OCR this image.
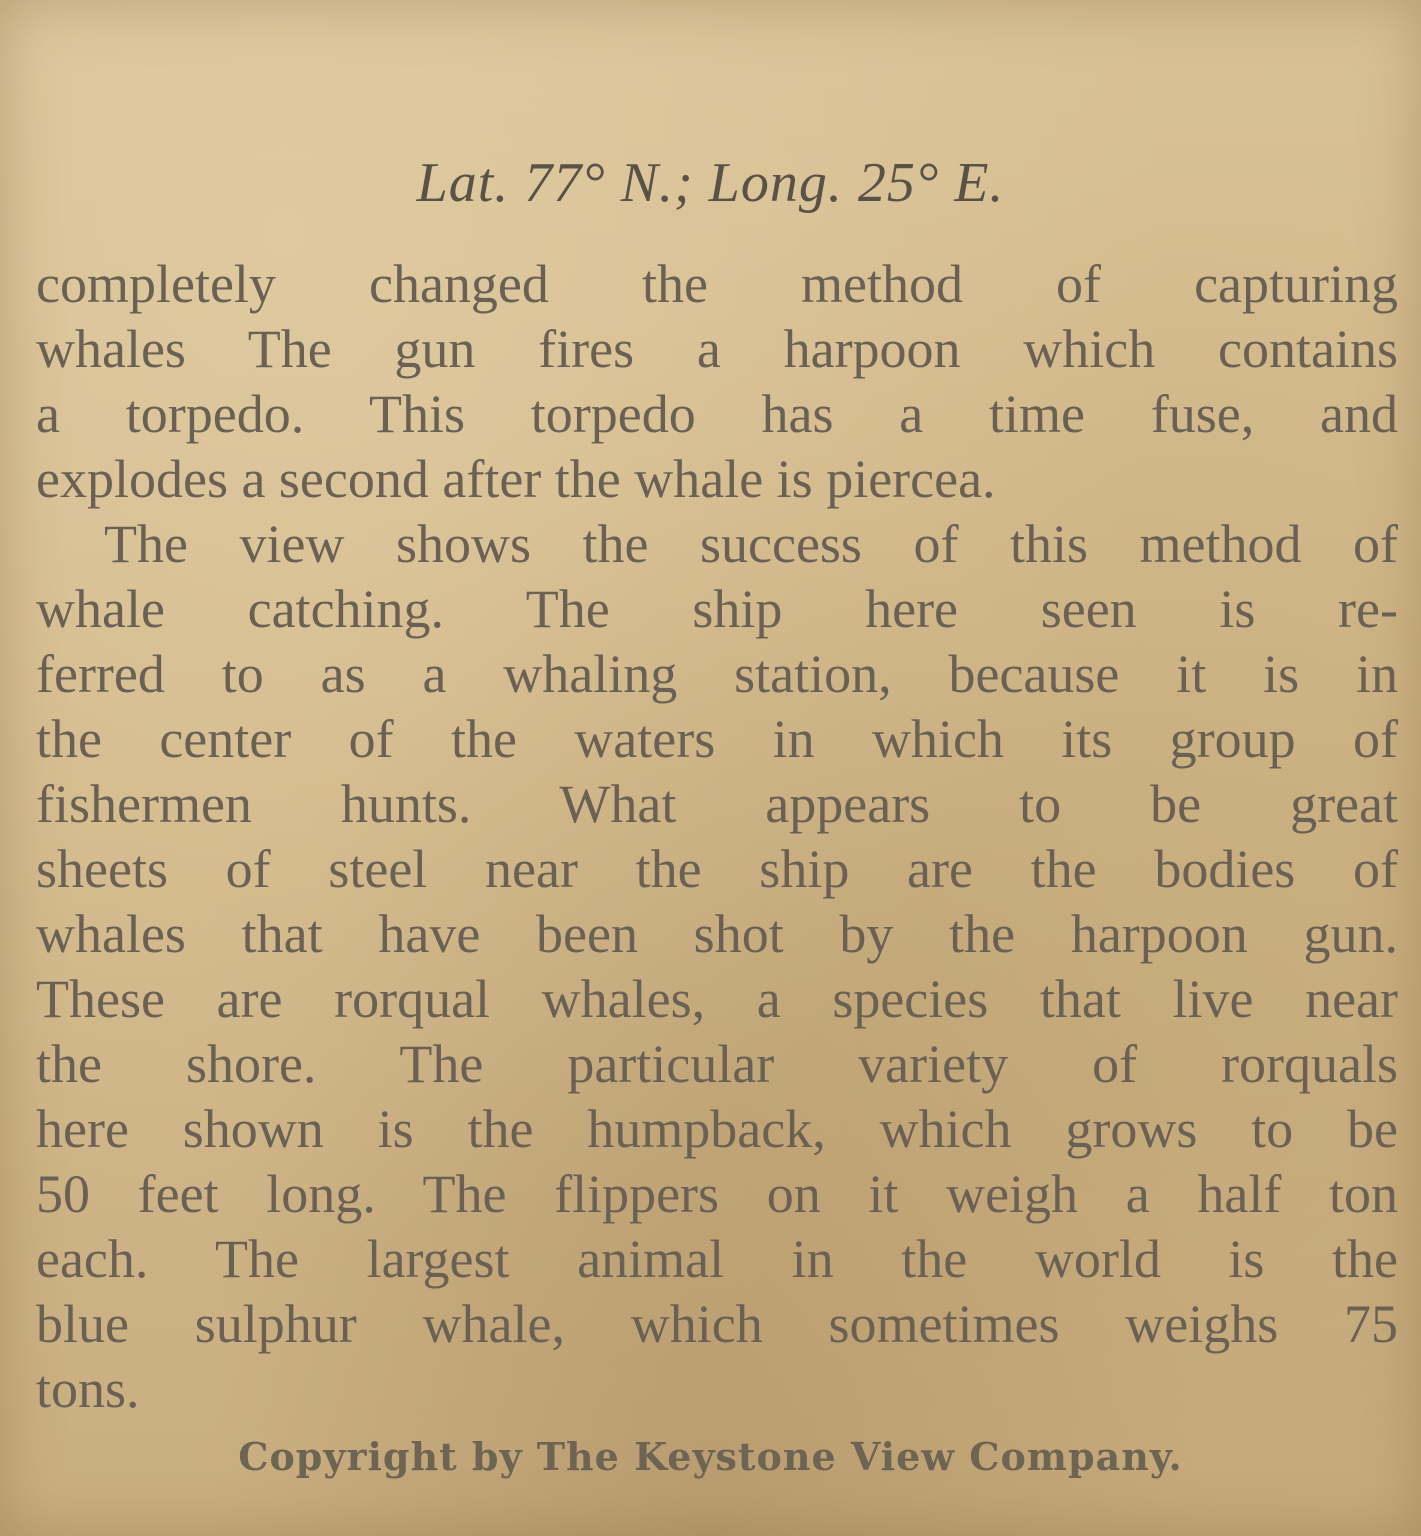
Lat. 77° N.; Long. 25° E.
completely changed the method of capturing
whales The gun fires a harpoon which contains
a torpedo. This torpedo has a time fuse, and
explodes a second after the whale is piercea.
The view shows the success of this method of
whale catching. The ship here seen is re-
ferred to as a whaling station, because it is in
the center of the waters in which its group of
fishermen hunts. What appears to be great
sheets of steel near the ship are the bodies of
whales that have been shot by the harpoon gun.
These are rorqual whales, a species that live near
the shore. The particular variety of rorquals
here shown is the humpback, which grows to be
50 feet long. The flippers on it weigh a half ton
each. The largest animal in the world is the
blue sulphur whale, which sometimes weighs 75
tons.
Copyright by The Keystone View Company.
